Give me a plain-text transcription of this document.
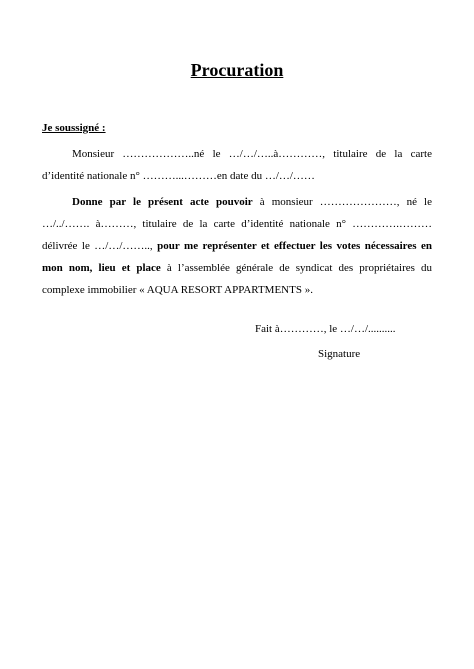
Procuration
Je soussigné :
Monsieur ………………..né le …/…/…..à…………, titulaire de la carte d’identité nationale n° ………...………en date du …/…/……
Donne par le présent acte pouvoir à monsieur …………………, né le …/../……. à………, titulaire de la carte d’identité nationale n° ………….………délivrée le …/…/…….., pour me représenter et effectuer les votes nécessaires en mon nom, lieu et place à l’assemblée générale de syndicat des propriétaires du complexe immobilier « AQUA RESORT APPARTMENTS ».
Fait à…………, le …/…/..........
Signature
